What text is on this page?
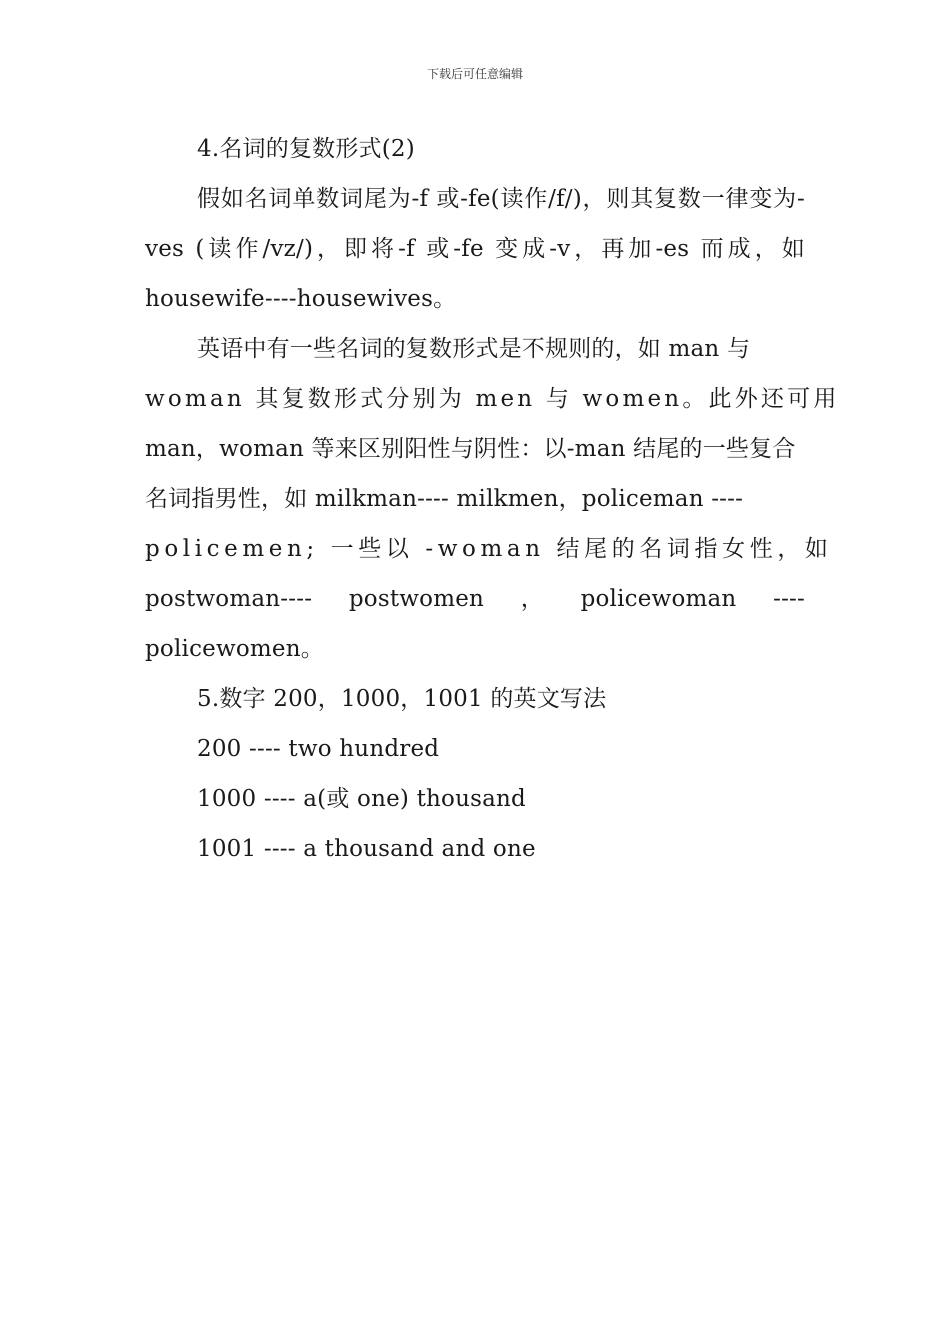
下载后可任意编辑

4.名词的复数形式(2)

假如名词单数词尾为-f 或-fe(读作/f/)，则其复数一律变为-ves (读作/vz/)，即将-f 或-fe 变成-v，再加-es 而成，如 housewife----housewives。

英语中有一些名词的复数形式是不规则的，如 man 与

woman 其复数形式分别为 men 与 women。此外还可用

man，woman 等来区别阳性与阴性：以-man 结尾的一些复合

名词指男性，如 milkman---- milkmen，policeman ----

policemen; 一些以 -woman 结尾的名词指女性，如

postwoman---- postwomen ， policewoman ----

policewomen。

5.数字 200，1000，1001 的英文写法

200 ---- two hundred

1000 ---- a(或 one) thousand

1001 ---- a thousand and one
